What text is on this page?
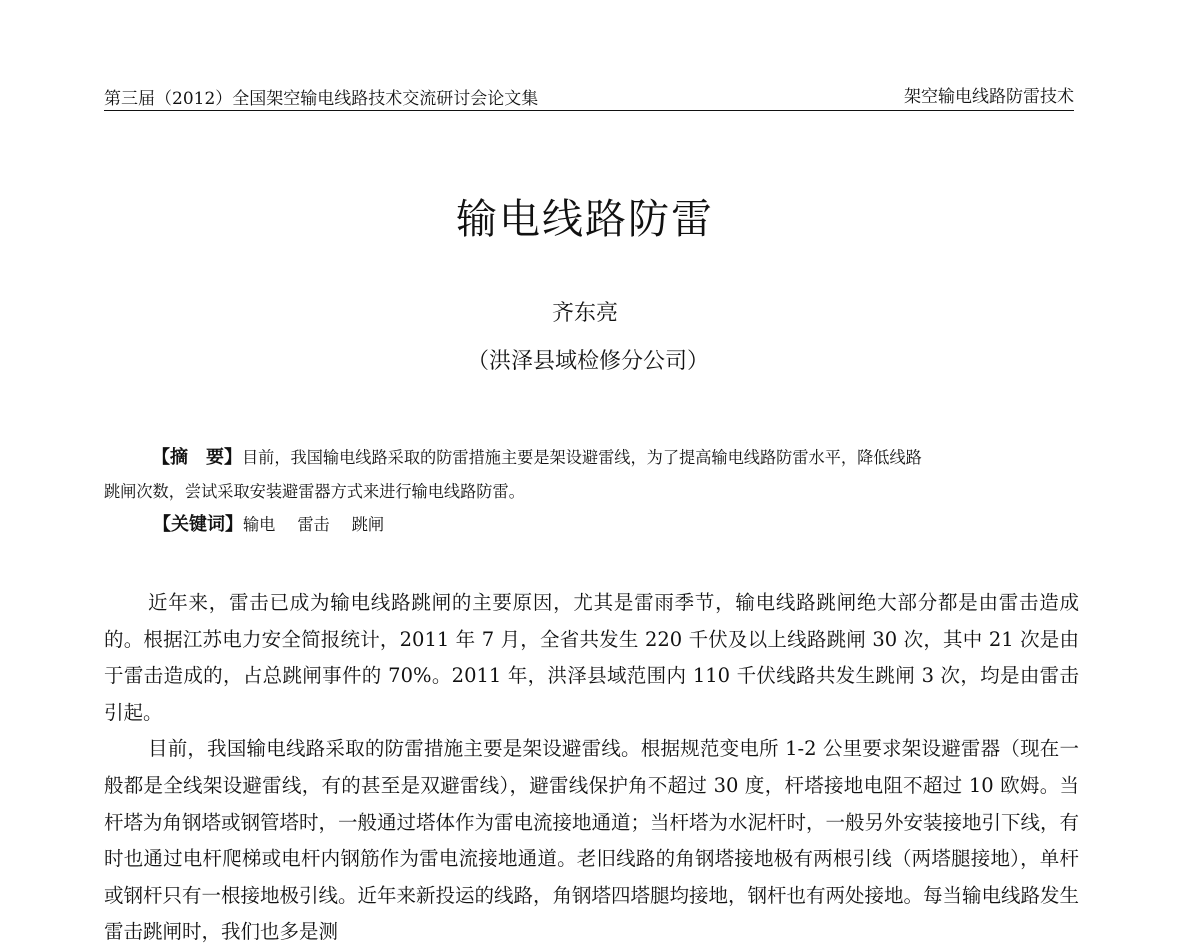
第三届（2012）全国架空输电线路技术交流研讨会论文集	架空输电线路防雷技术
输电线路防雷
齐东亮
（洪泽县域检修分公司）
【摘　要】目前，我国输电线路采取的防雷措施主要是架设避雷线，为了提高输电线路防雷水平，降低线路
跳闸次数，尝试采取安装避雷器方式来进行输电线路防雷。
【关键词】输电 雷击 跳闸

近年来，雷击已成为输电线路跳闸的主要原因，尤其是雷雨季节，输电线路跳闸绝大部分都是由雷击造成的。根据江苏电力安全简报统计，2011 年 7 月，全省共发生 220 千伏及以上线路跳闸 30 次，其中 21 次是由于雷击造成的，占总跳闸事件的 70%。2011 年，洪泽县域范围内 110 千伏线路共发生跳闸 3 次，均是由雷击引起。

目前，我国输电线路采取的防雷措施主要是架设避雷线。根据规范变电所 1-2 公里要求架设避雷器（现在一般都是全线架设避雷线，有的甚至是双避雷线），避雷线保护角不超过 30 度，杆塔接地电阻不超过 10 欧姆。当杆塔为角钢塔或钢管塔时，一般通过塔体作为雷电流接地通道；当杆塔为水泥杆时，一般另外安装接地引下线，有时也通过电杆爬梯或电杆内钢筋作为雷电流接地通道。老旧线路的角钢塔接地极有两根引线（两塔腿接地），单杆或钢杆只有一根接地极引线。近年来新投运的线路，角钢塔四塔腿均接地，钢杆也有两处接地。每当输电线路发生雷击跳闸时，我们也多是测
